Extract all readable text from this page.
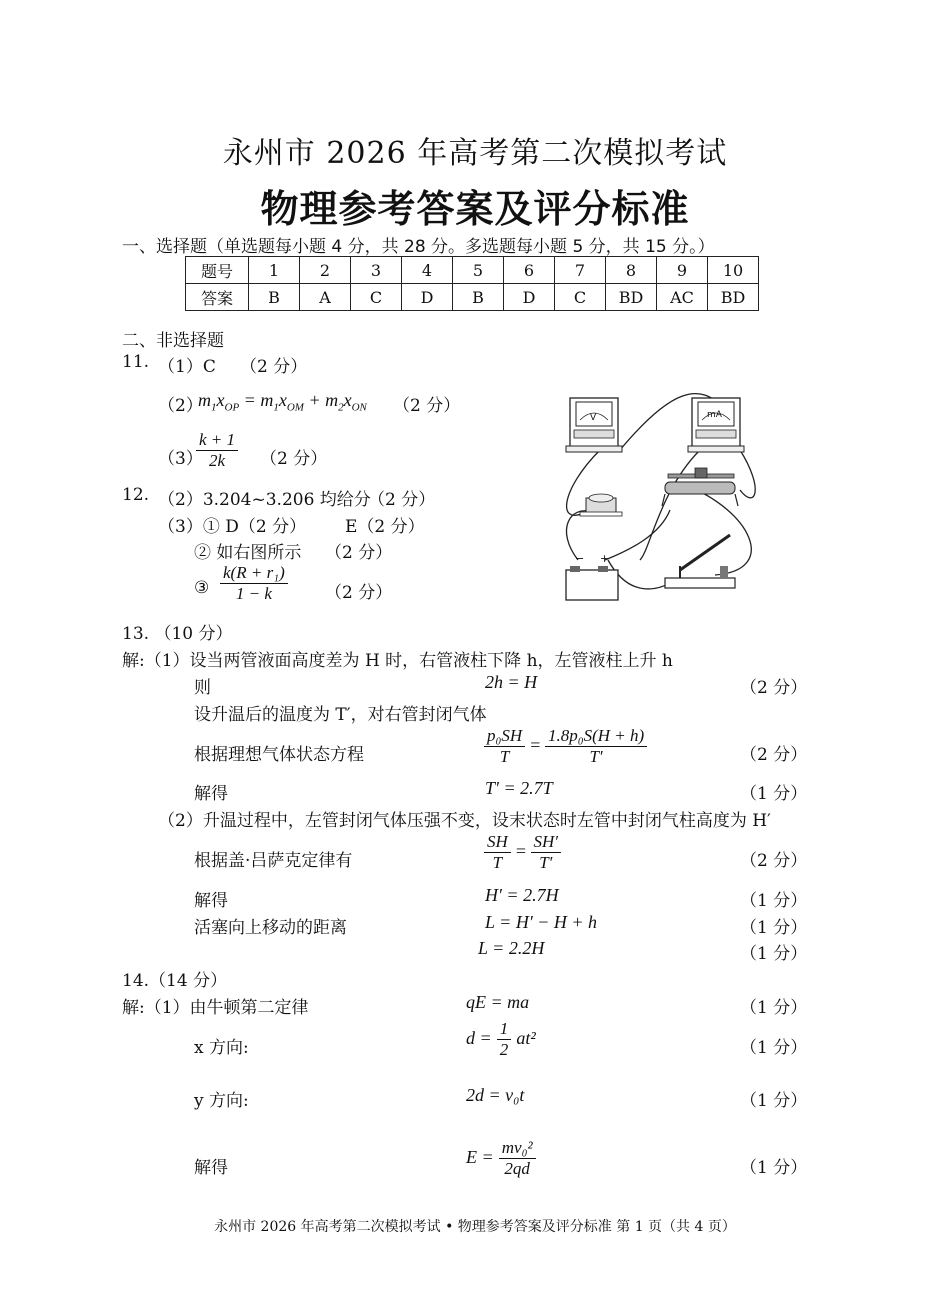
永州市 2026 年高考第二次模拟考试
物理参考答案及评分标准
一、选择题（单选题每小题 4 分，共 28 分。多选题每小题 5 分，共 15 分。）
题号	1	2	3	4	5	6	7	8	9	10
答案	B	A	C	D	B	D	C	BD	AC	BD
二、非选择题
11. （1）C （2 分）
（2）
$m_1x_{OP} = m_1x_{OM} + m_2x_{ON}$ （2 分）
（3）
$\frac{k + 1}{2k} (2$ 分）
12. （2）3.204~3.206 均给分
（2 分）
（3）① D（2 分） E（2 分）
② 如右图所示 （2 分）
③ $\frac{\text{k(R + r₁)}}{1 - k} (2$ 分）
V	mA
− +
13. （10 分）
解:（1）设当两管液面高度差为 H 时，右管液柱下降 h，左管液柱上升 h
则	2h = H	（2 分）
设升温后的温度为 T′，对右管封闭气体
根据理想气体状态方程	$\frac{\text{p₀SH}}{T} = \frac{\text{1.8p₀S(H + h)}}{T'}$	（2 分）
解得	T′ = 2.7T	（1 分）
（2）升温过程中，左管封闭气体压强不变，设末状态时左管中封闭气柱高度为 H′
根据盖·吕萨克定律有	$\frac{SH}{T} = \frac{SH'}{T'}$	（2 分）
解得	H′ = 2.7H	（1 分）
活塞向上移动的距离	L = H′ − H + h	（1 分）
L = 2.2H	（1 分）
14.（14 分）
解:（1）由牛顿第二定律	qE = ma	（1 分）
x 方向:	$d = \frac{1}{2} at^2$	（1 分）
y 方向:	2d = v₀t	（1 分）
解得
$E = \frac{\text{mv₀²}}{2qd}$	（1 分）
永州市 2026 年高考第二次模拟考试 • 物理参考答案及评分标准 第 1 页（共 4 页）
